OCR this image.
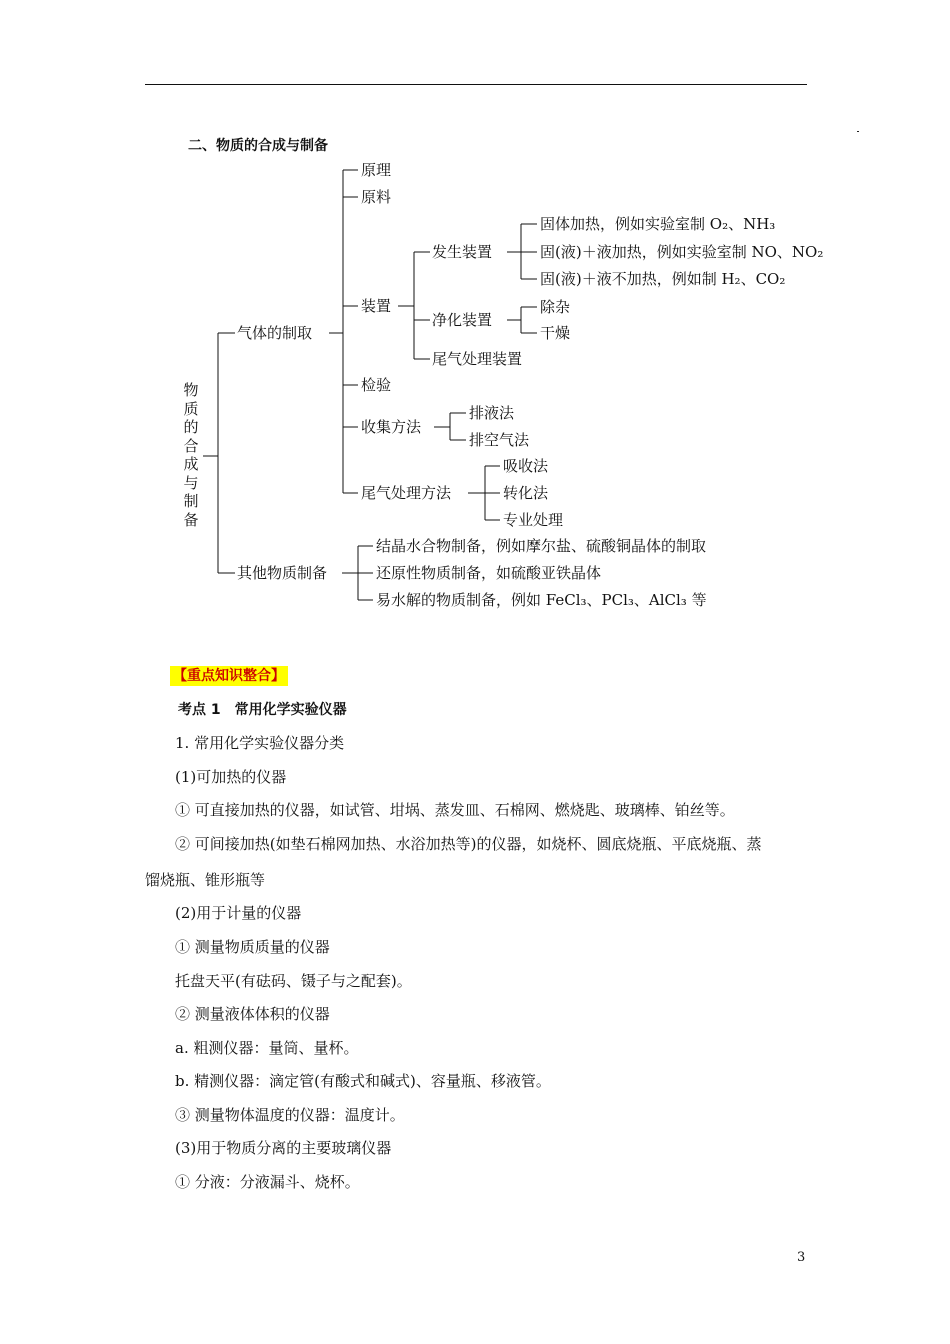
二、物质的合成与制备
物质的合成与制备
气体的制取
原理
原料
装置
检验
收集方法
尾气处理方法
发生装置
净化装置
尾气处理装置
固体加热，例如实验室制 O₂、NH₃
固(液)＋液加热，例如实验室制 NO、NO₂
固(液)＋液不加热，例如制 H₂、CO₂
除杂
干燥
排液法
排空气法
吸收法
转化法
专业处理
其他物质制备
结晶水合物制备，例如摩尔盐、硫酸铜晶体的制取
还原性物质制备，如硫酸亚铁晶体
易水解的物质制备，例如 FeCl₃、PCl₃、AlCl₃ 等
【重点知识整合】
考点 1　常用化学实验仪器
1. 常用化学实验仪器分类
(1)可加热的仪器
① 可直接加热的仪器，如试管、坩埚、蒸发皿、石棉网、燃烧匙、玻璃棒、铂丝等。
② 可间接加热(如垫石棉网加热、水浴加热等)的仪器，如烧杯、圆底烧瓶、平底烧瓶、蒸
馏烧瓶、锥形瓶等
(2)用于计量的仪器
① 测量物质质量的仪器
托盘天平(有砝码、镊子与之配套)。
② 测量液体体积的仪器
a. 粗测仪器：量筒、量杯。
b. 精测仪器：滴定管(有酸式和碱式)、容量瓶、移液管。
③ 测量物体温度的仪器：温度计。
(3)用于物质分离的主要玻璃仪器
① 分液：分液漏斗、烧杯。
3
